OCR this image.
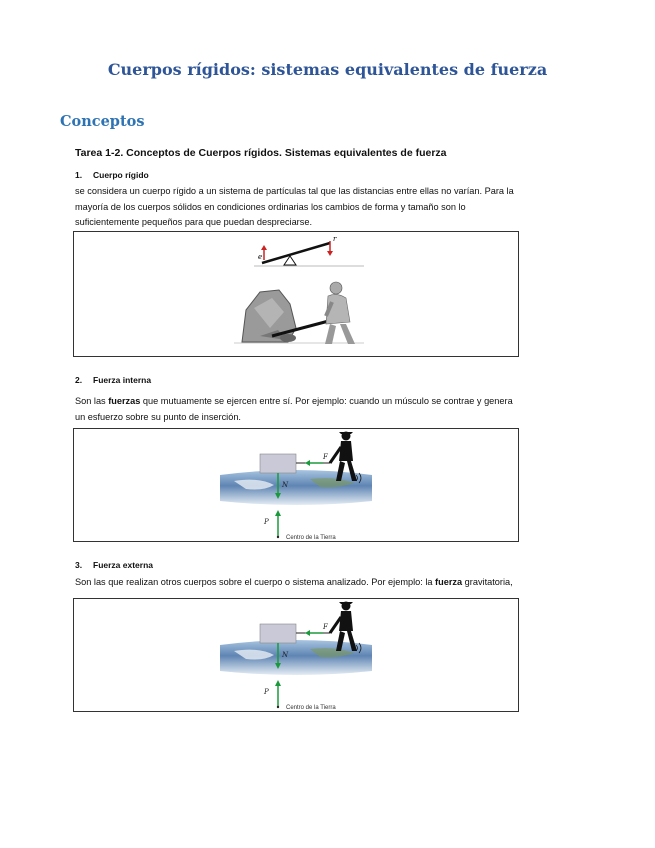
Cuerpos rígidos: sistemas equivalentes de fuerza
Conceptos
Tarea 1-2. Conceptos de Cuerpos rígidos. Sistemas equivalentes de fuerza
1. Cuerpo rígido
se considera un cuerpo rígido a un sistema de partículas tal que las distancias entre ellas no varían. Para la mayoría de los cuerpos sólidos en condiciones ordinarias los cambios de forma y tamaño son lo suficientemente pequeños para que puedan despreciarse.
e
r
2. Fuerza interna
Son las fuerzas que mutuamente se ejercen entre sí. Por ejemplo: cuando un músculo se contrae y genera un esfuerzo sobre su punto de inserción.
F
N
P
Centro de la Tierra
3. Fuerza externa
Son las que realizan otros cuerpos sobre el cuerpo o sistema analizado. Por ejemplo: la fuerza gravitatoria,
F
N
P
Centro de la Tierra
